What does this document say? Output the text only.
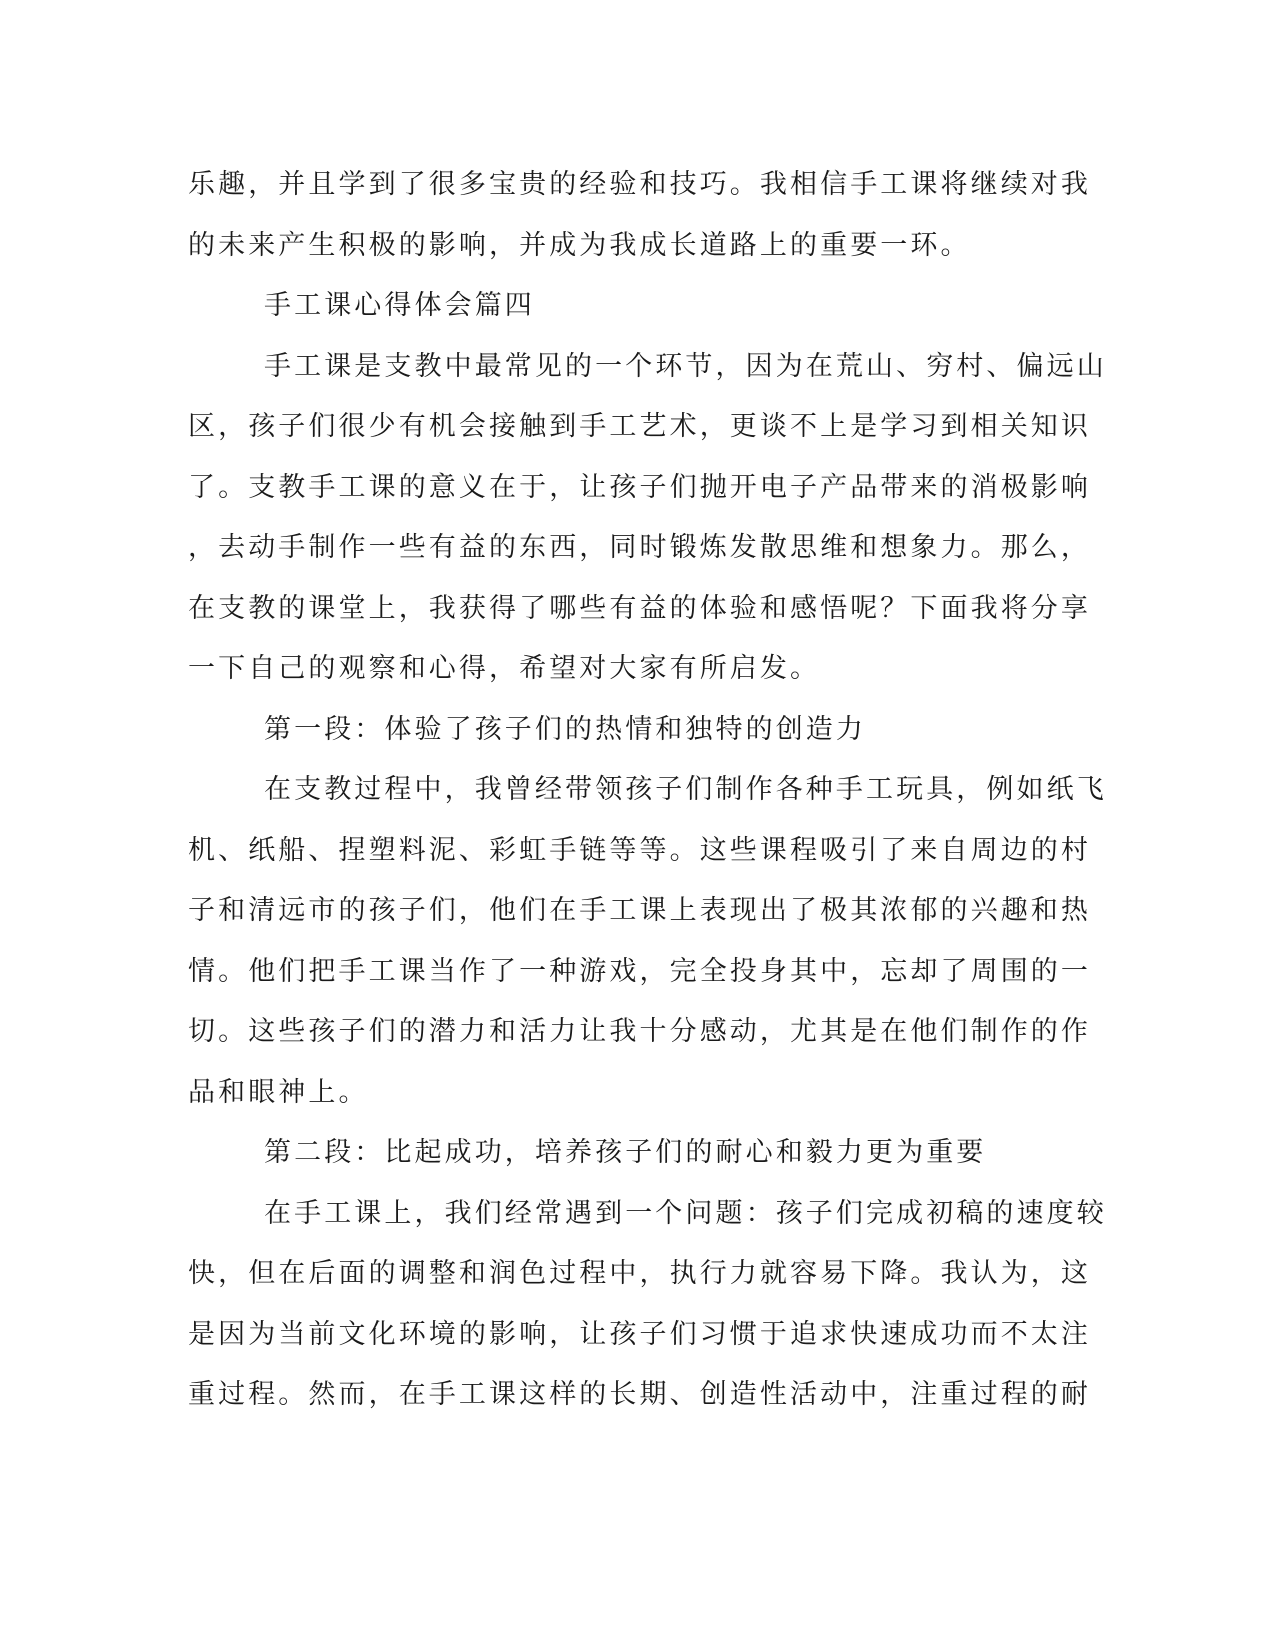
乐趣，并且学到了很多宝贵的经验和技巧。我相信手工课将继续对我
的未来产生积极的影响，并成为我成长道路上的重要一环。
手工课心得体会篇四
手工课是支教中最常见的一个环节，因为在荒山、穷村、偏远山
区，孩子们很少有机会接触到手工艺术，更谈不上是学习到相关知识
了。支教手工课的意义在于，让孩子们抛开电子产品带来的消极影响
，去动手制作一些有益的东西，同时锻炼发散思维和想象力。那么，
在支教的课堂上，我获得了哪些有益的体验和感悟呢？下面我将分享
一下自己的观察和心得，希望对大家有所启发。
第一段：体验了孩子们的热情和独特的创造力
在支教过程中，我曾经带领孩子们制作各种手工玩具，例如纸飞
机、纸船、捏塑料泥、彩虹手链等等。这些课程吸引了来自周边的村
子和清远市的孩子们，他们在手工课上表现出了极其浓郁的兴趣和热
情。他们把手工课当作了一种游戏，完全投身其中，忘却了周围的一
切。这些孩子们的潜力和活力让我十分感动，尤其是在他们制作的作
品和眼神上。
第二段：比起成功，培养孩子们的耐心和毅力更为重要
在手工课上，我们经常遇到一个问题：孩子们完成初稿的速度较
快，但在后面的调整和润色过程中，执行力就容易下降。我认为，这
是因为当前文化环境的影响，让孩子们习惯于追求快速成功而不太注
重过程。然而，在手工课这样的长期、创造性活动中，注重过程的耐
